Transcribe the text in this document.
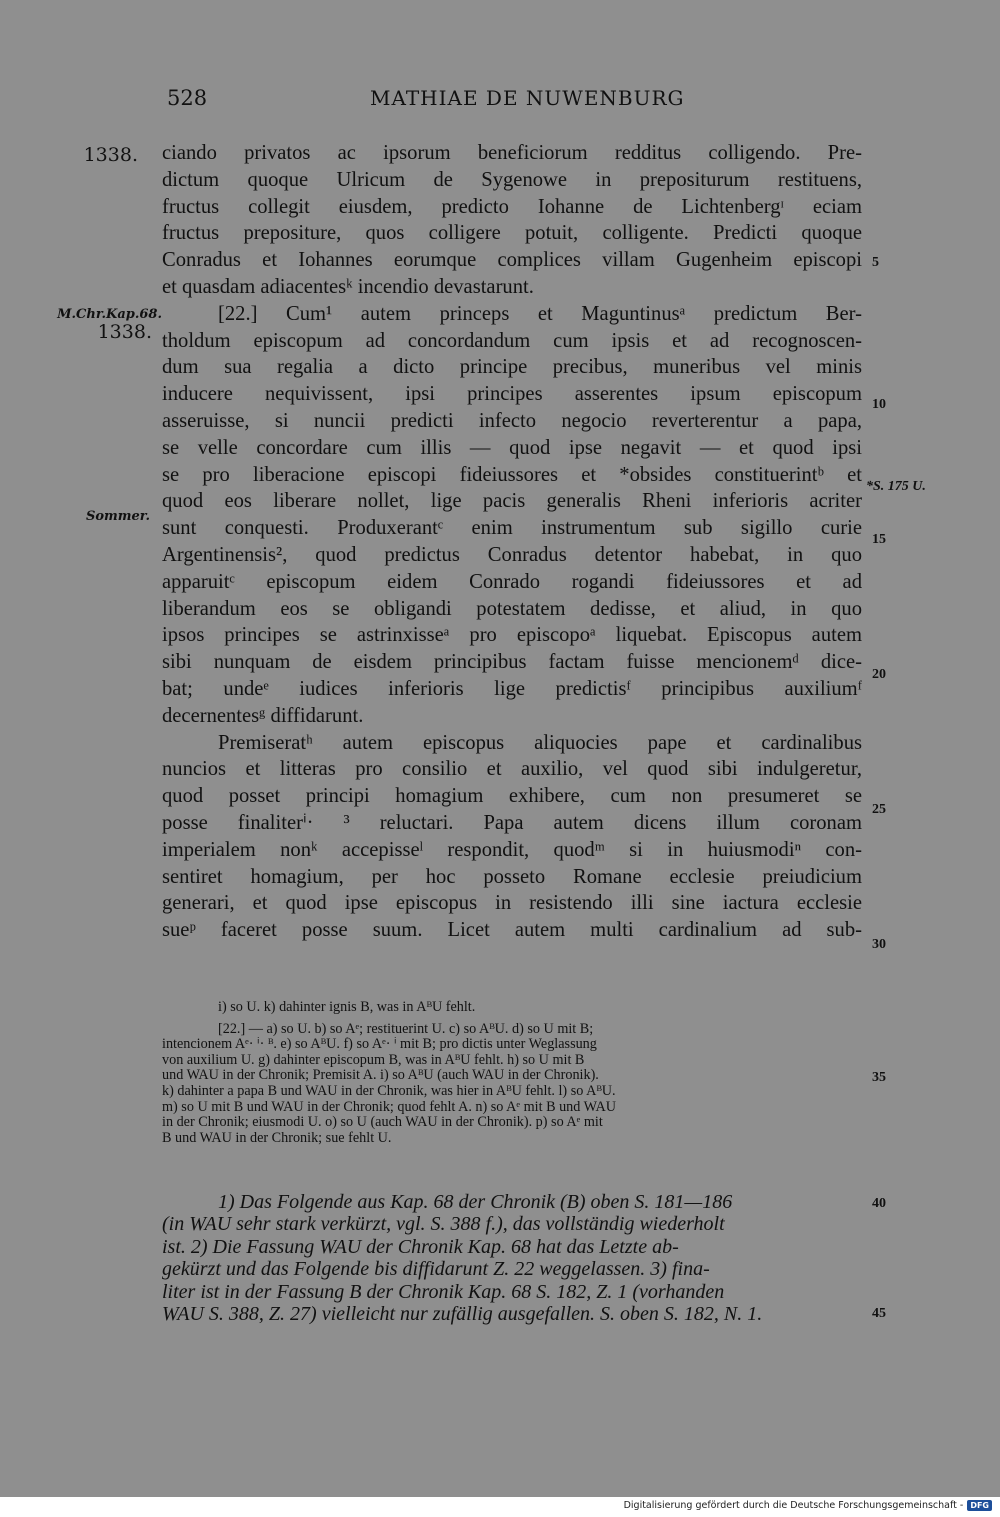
528	MATHIAE DE NUWENBURG
1338.
M.Chr.Kap.68.
1338.
Sommer.
5
10
*S. 175 U.
15
20
25
30
35
40
45
ciando privatos ac ipsorum beneficiorum redditus colligendo. Pre-
dictum quoque Ulricum de Sygenowe in prepositurum restituens,
fructus collegit eiusdem, predicto Iohanne de Lichtenbergᶦ eciam
fructus prepositure, quos colligere potuit, colligente. Predicti quoque
Conradus et Iohannes eorumque complices villam Gugenheim episcopi
et quasdam adiacentesᵏ incendio devastarunt.
[22.] Cum¹ autem princeps et Maguntinusᵃ predictum Ber-
tholdum episcopum ad concordandum cum ipsis et ad recognoscen-
dum sua regalia a dicto principe precibus, muneribus vel minis
inducere nequivissent, ipsi principes asserentes ipsum episcopum
asseruisse, si nuncii predicti infecto negocio reverterentur a papa,
se velle concordare cum illis — quod ipse negavit — et quod ipsi
se pro liberacione episcopi fideiussores et *obsides constituerintᵇ et
quod eos liberare nollet, lige pacis generalis Rheni inferioris acriter
sunt conquesti. Produxerantᶜ enim instrumentum sub sigillo curie
Argentinensis², quod predictus Conradus detentor habebat, in quo
apparuitᶜ episcopum eidem Conrado rogandi fideiussores et ad
liberandum eos se obligandi potestatem dedisse, et aliud, in quo
ipsos principes se astrinxisseᵃ pro episcopoᵃ liquebat. Episcopus autem
sibi nunquam de eisdem principibus factam fuisse mencionemᵈ dice-
bat; undeᵉ iudices inferioris lige predictisᶠ principibus auxiliumᶠ
decernentesᵍ diffidarunt.
Premiseratʰ autem episcopus aliquocies pape et cardinalibus
nuncios et litteras pro consilio et auxilio, vel quod sibi indulgeretur,
quod posset principi homagium exhibere, cum non presumeret se
posse finaliterⁱ· ³ reluctari. Papa autem dicens illum coronam
imperialem nonᵏ accepisseˡ respondit, quodᵐ si in huiusmodiⁿ con-
sentiret homagium, per hoc posseto Romane ecclesie preiudicium
generari, et quod ipse episcopus in resistendo illi sine iactura ecclesie
sueᵖ faceret posse suum. Licet autem multi cardinalium ad sub-
i) so U. k) dahinter ignis B, was in AᴮU fehlt.
[22.] — a) so U. b) so Aᵉ; restituerint U. c) so AᴮU. d) so U mit B;
intencionem Aᵉ· ⁱ· ᴮ. e) so AᴮU. f) so Aᵉ· ⁱ mit B; pro dictis unter Weglassung
von auxilium U. g) dahinter episcopum B, was in AᴮU fehlt. h) so U mit B
und WAU in der Chronik; Premisit A. i) so AᴮU (auch WAU in der Chronik).
k) dahinter a papa B und WAU in der Chronik, was hier in AᴮU fehlt. l) so AᴮU.
m) so U mit B und WAU in der Chronik; quod fehlt A. n) so Aᵉ mit B und WAU
in der Chronik; eiusmodi U. o) so U (auch WAU in der Chronik). p) so Aᵉ mit
B und WAU in der Chronik; sue fehlt U.
1) Das Folgende aus Kap. 68 der Chronik (B) oben S. 181—186
(in WAU sehr stark verkürzt, vgl. S. 388 f.), das vollständig wiederholt
ist. 2) Die Fassung WAU der Chronik Kap. 68 hat das Letzte ab-
gekürzt und das Folgende bis diffidarunt Z. 22 weggelassen. 3) fina-
liter ist in der Fassung B der Chronik Kap. 68 S. 182, Z. 1 (vorhanden
WAU S. 388, Z. 27) vielleicht nur zufällig ausgefallen. S. oben S. 182, N. 1.
Digitalisierung gefördert durch die Deutsche Forschungsgemeinschaft - DFG
